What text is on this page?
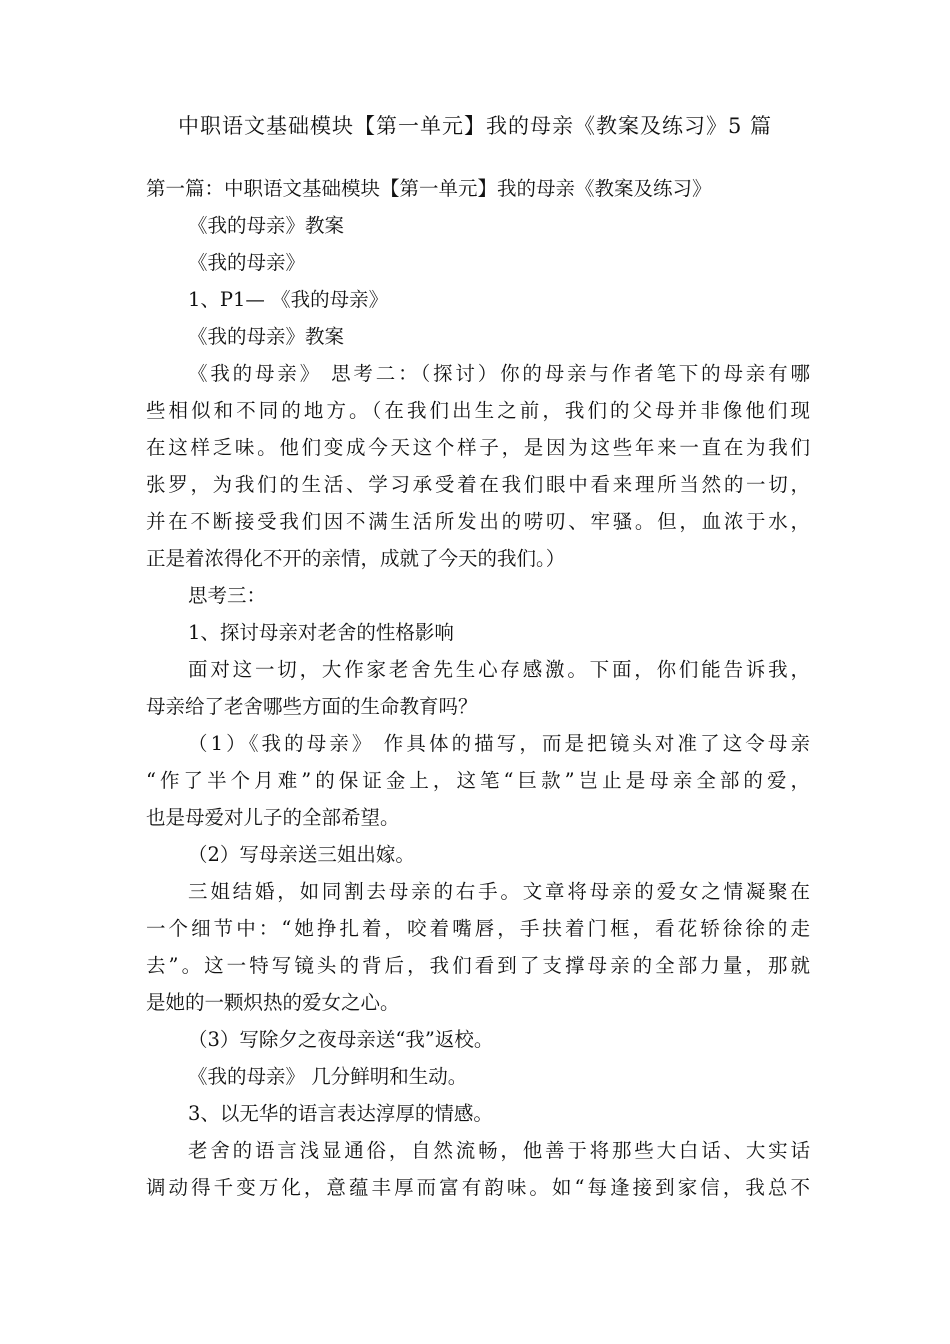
中职语文基础模块【第一单元】我的母亲《教案及练习》5 篇

第一篇：中职语文基础模块【第一单元】我的母亲《教案及练习》

《我的母亲》教案

《我的母亲》

1、P1— 《我的母亲》

《我的母亲》教案

《我的母亲》 思考二：（探讨）你的母亲与作者笔下的母亲有哪

些相似和不同的地方。（在我们出生之前，我们的父母并非像他们现

在这样乏味。他们变成今天这个样子，是因为这些年来一直在为我们

张罗，为我们的生活、学习承受着在我们眼中看来理所当然的一切，

并在不断接受我们因不满生活所发出的唠叨、牢骚。但，血浓于水，

正是着浓得化不开的亲情，成就了今天的我们。）

思考三：

1、探讨母亲对老舍的性格影响

面对这一切，大作家老舍先生心存感激。下面，你们能告诉我，

母亲给了老舍哪些方面的生命教育吗？

（1）《我的母亲》 作具体的描写，而是把镜头对准了这令母亲

“作了半个月难”的保证金上，这笔“巨款”岂止是母亲全部的爱，

也是母爱对儿子的全部希望。

（2）写母亲送三姐出嫁。

三姐结婚，如同割去母亲的右手。文章将母亲的爱女之情凝聚在

一个细节中：“她挣扎着，咬着嘴唇，手扶着门框，看花轿徐徐的走

去”。这一特写镜头的背后，我们看到了支撑母亲的全部力量，那就

是她的一颗炽热的爱女之心。

（3）写除夕之夜母亲送“我”返校。

《我的母亲》 几分鲜明和生动。

3、以无华的语言表达淳厚的情感。

老舍的语言浅显通俗，自然流畅，他善于将那些大白话、大实话

调动得千变万化，意蕴丰厚而富有韵味。如“每逢接到家信，我总不
